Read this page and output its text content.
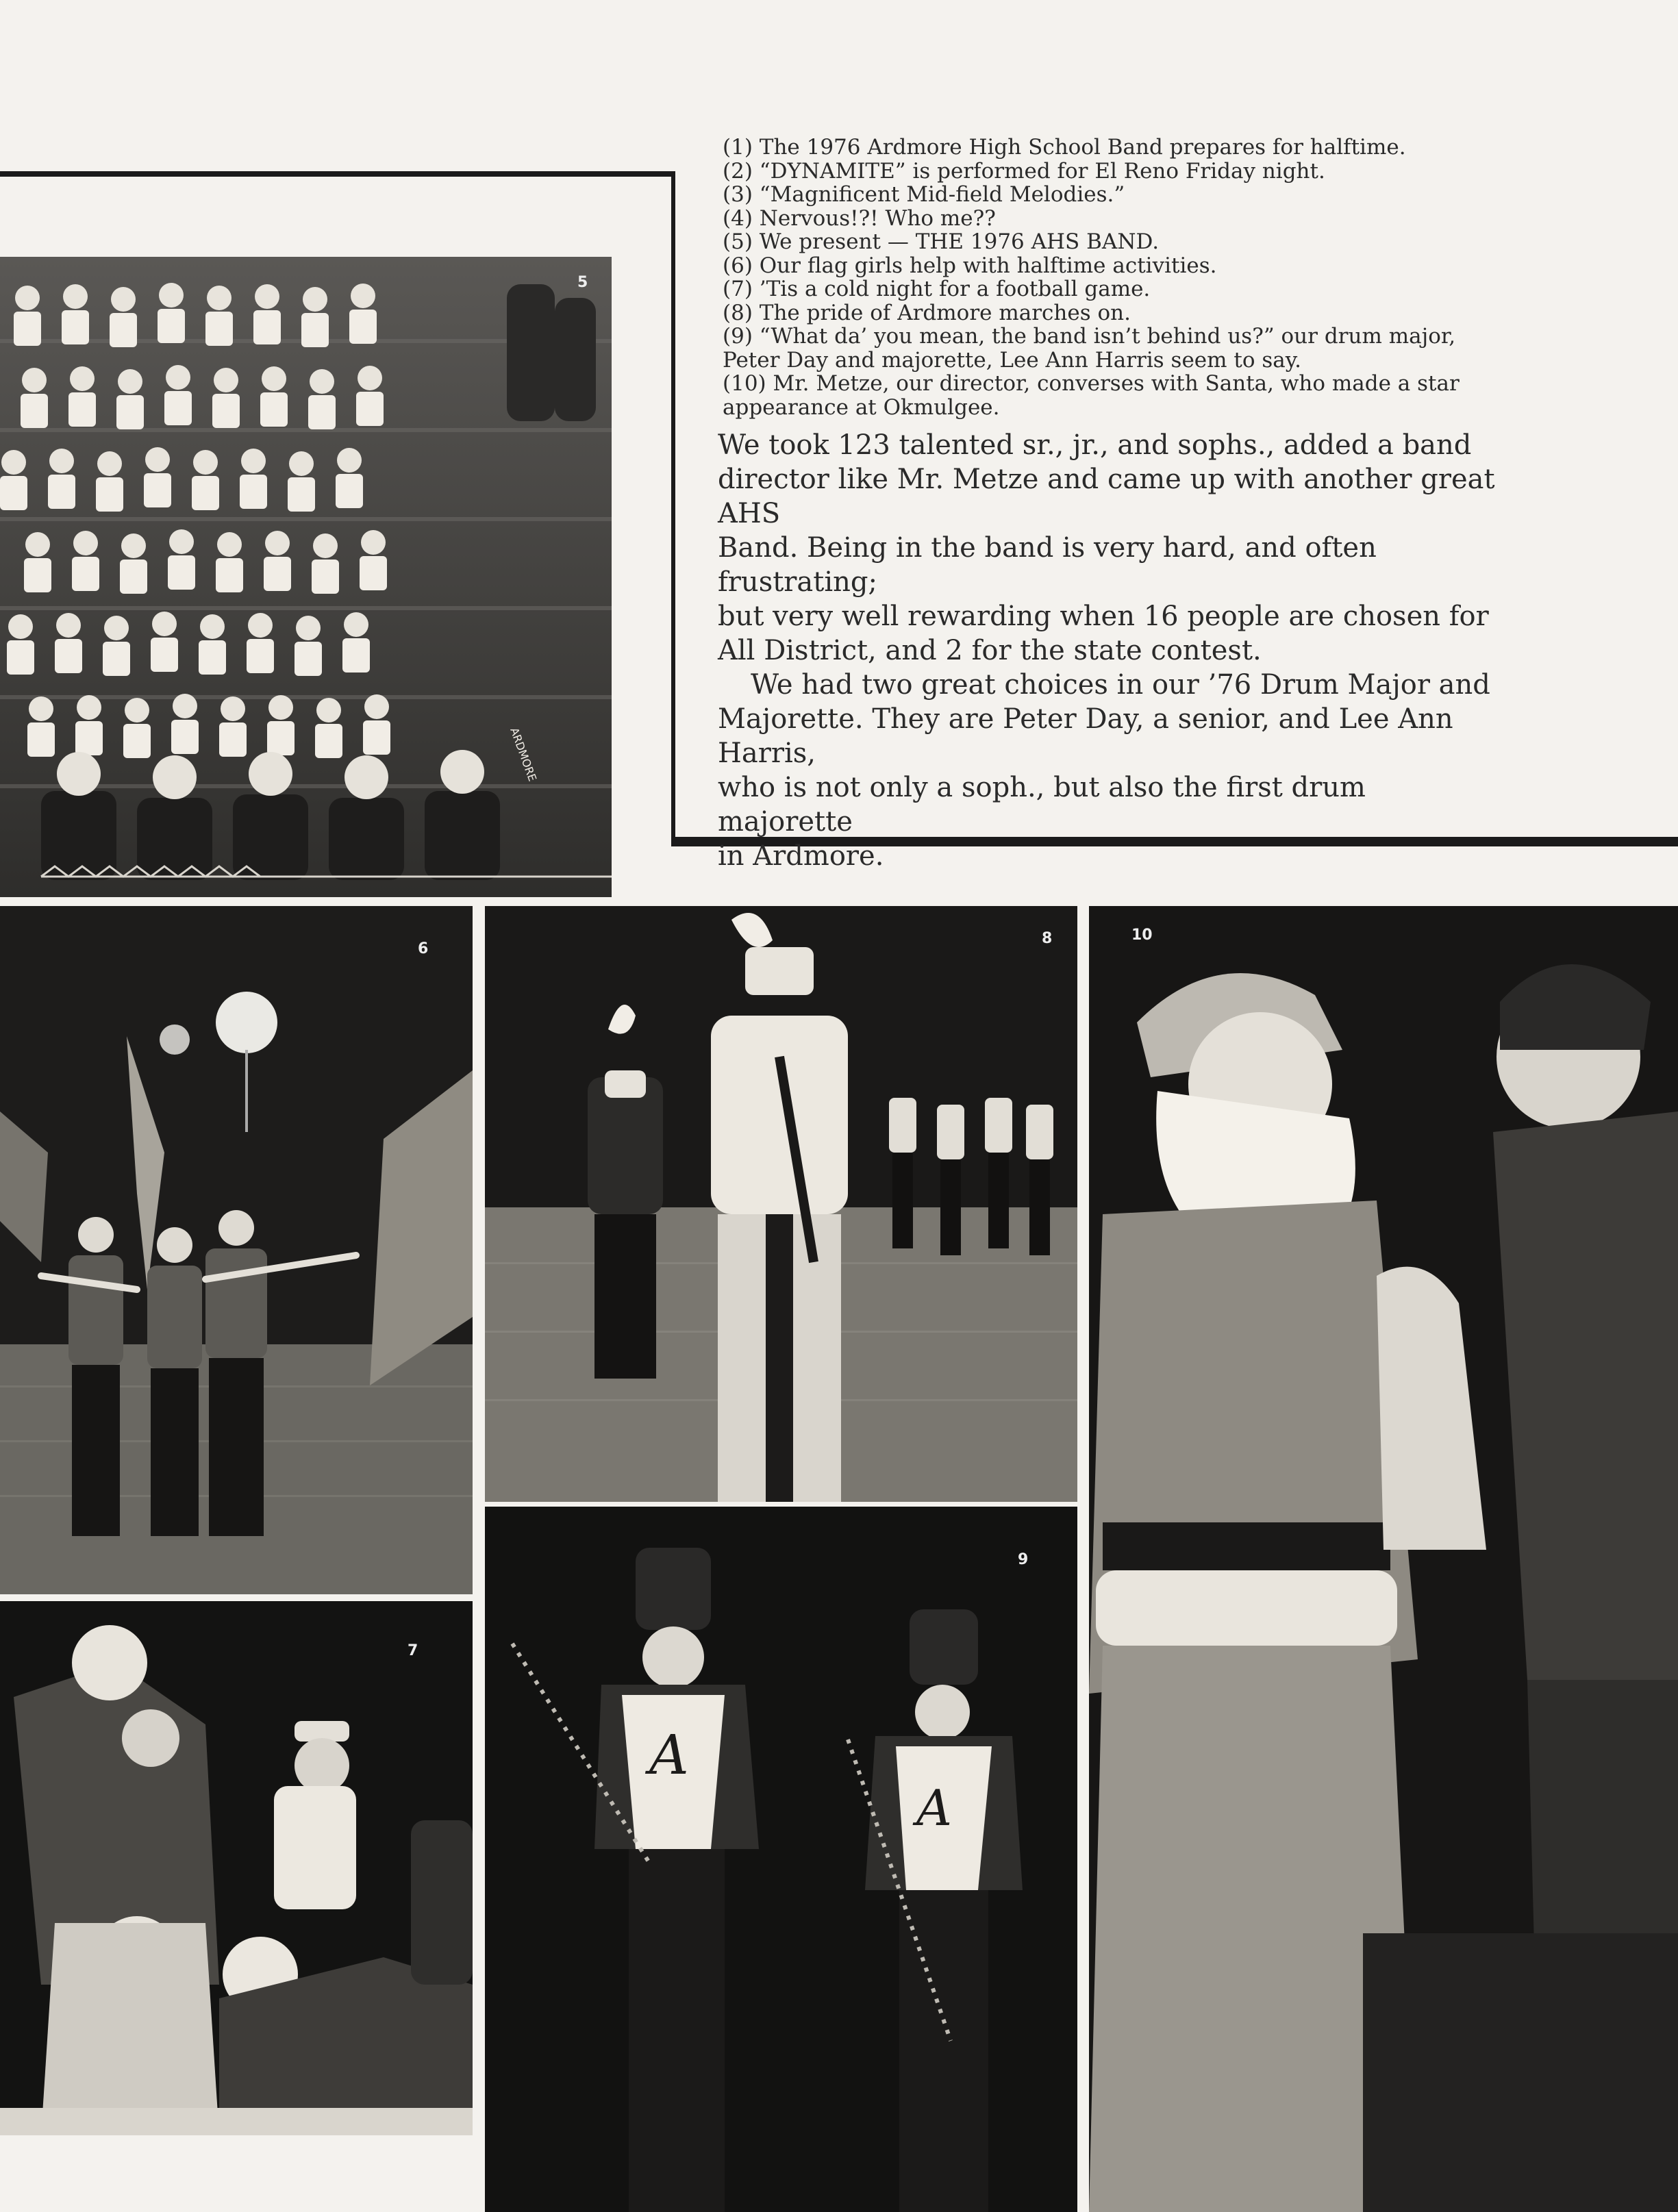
(1) The 1976 Ardmore High School Band prepares for halftime.
(2) “DYNAMITE” is performed for El Reno Friday night.
(3) “Magnificent Mid-field Melodies.”
(4) Nervous!?! Who me??
(5) We present — THE 1976 AHS BAND.
(6) Our flag girls help with halftime activities.
(7) ’Tis a cold night for a football game.
(8) The pride of Ardmore marches on.
(9) “What da’ you mean, the band isn’t behind us?” our drum major,
Peter Day and majorette, Lee Ann Harris seem to say.
(10) Mr. Metze, our director, converses with Santa, who made a star
appearance at Okmulgee.

We took 123 talented sr., jr., and sophs., added a band

director like Mr. Metze and came up with another great AHS

Band. Being in the band is very hard, and often frustrating;

but very well rewarding when 16 people are chosen for

All District, and 2 for the state contest.

We had two great choices in our ’76 Drum Major and

Majorette. They are Peter Day, a senior, and Lee Ann Harris,

who is not only a soph., but also the first drum majorette

in Ardmore.

ARDMORE
5
6
7
8
A
A
9
10
